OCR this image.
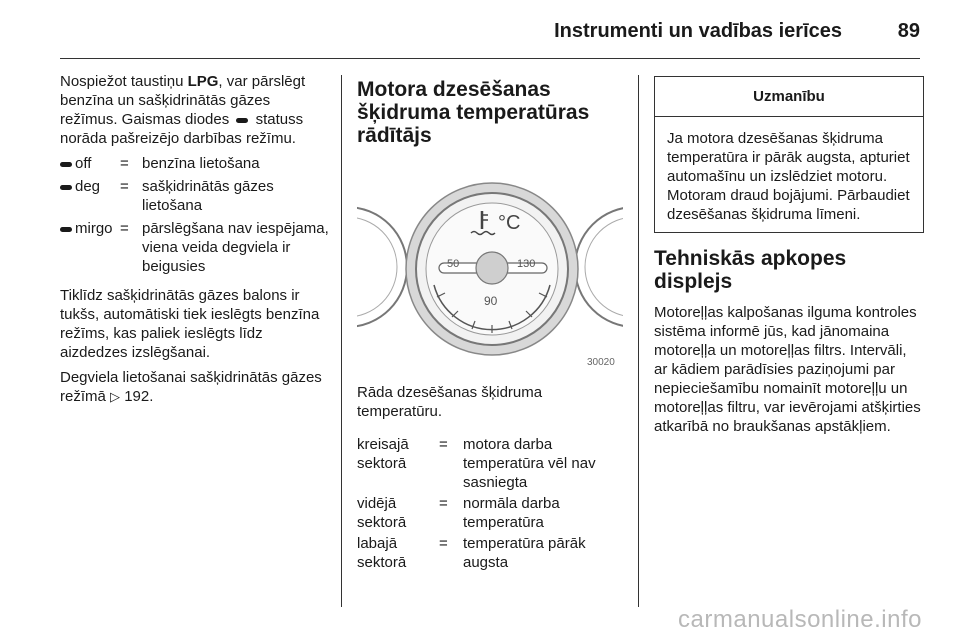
Instrumenti un vadības ierīces	89

Nospiežot taustiņu LPG, var pārslēgt benzīna un sašķidrinātās gāzes režīmus. Gaismas diodes statuss norāda pašreizējo darbības režīmu.

off	= benzīna lietošana
deg	= sašķidrinātās gāzes lietošana
mirgo = pārslēgšana nav iespējama, viena veida degviela ir beigusies

Tiklīdz sašķidrinātās gāzes balons ir tukšs, automātiski tiek ieslēgts benzīna režīms, kas paliek ieslēgts līdz aizdedzes izslēgšanai.

Degviela lietošanai sašķidrinātās gāzes režīmā ▷ 192.

Motora dzesēšanas šķidruma temperatūras rādītājs
°C
50	130
90
30020

Rāda dzesēšanas šķidruma temperatūru.

kreisajā sektorā
=	motora darba temperatūra vēl nav sasniegta
vidējā sektorā
=	normāla darba temperatūra
labajā sektorā
=	temperatūra pārāk augsta
Uzmanību
Ja motora dzesēšanas šķidruma temperatūra ir pārāk augsta, apturiet automašīnu un izslēdziet motoru. Motoram draud bojājumi. Pārbaudiet dzesēšanas šķidruma līmeni.
Tehniskās apkopes displejs

Motoreļļas kalpošanas ilguma kontroles sistēma informē jūs, kad jānomaina motoreļļa un motoreļļas filtrs. Intervāli, ar kādiem parādīsies paziņojumi par nepieciešamību nomainīt motoreļļu un motoreļļas filtru, var ievērojami atšķirties atkarībā no braukšanas apstākļiem.

carmanualsonline.info
